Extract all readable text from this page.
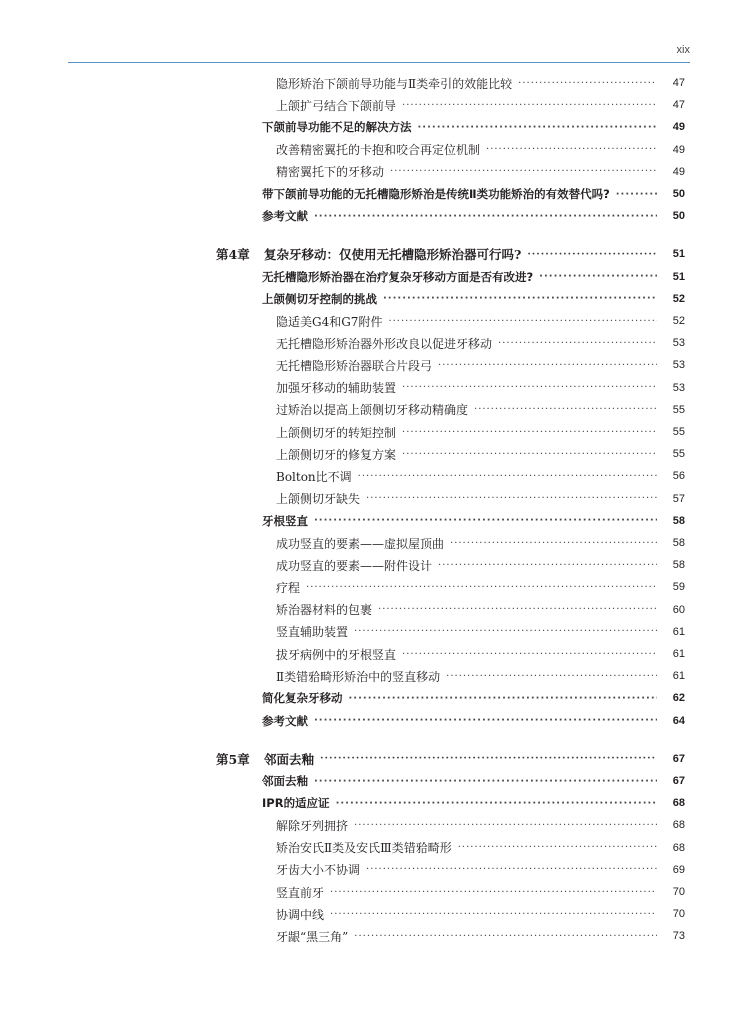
xix
隐形矫治下颌前导功能与Ⅱ类牵引的效能比较 ·····	47
上颌扩弓结合下颌前导 ·····	47
下颌前导功能不足的解决方法 ·····	49
改善精密翼托的卡抱和咬合再定位机制 ·····	49
精密翼托下的牙移动 ·····	49
带下颌前导功能的无托槽隐形矫治是传统Ⅱ类功能矫治的有效替代吗? ·····	50
参考文献 ·····	50
第4章 复杂牙移动：仅使用无托槽隐形矫治器可行吗? ·····	51
无托槽隐形矫治器在治疗复杂牙移动方面是否有改进? ·····	51
上颌侧切牙控制的挑战 ·····	52
隐适美G4和G7附件 ·····	52
无托槽隐形矫治器外形改良以促进牙移动 ·····	53
无托槽隐形矫治器联合片段弓 ·····	53
加强牙移动的辅助装置 ·····	53
过矫治以提高上颌侧切牙移动精确度 ·····	55
上颌侧切牙的转矩控制 ·····	55
上颌侧切牙的修复方案 ·····	55
Bolton比不调 ·····	56
上颌侧切牙缺失 ·····	57
牙根竖直 ·····	58
成功竖直的要素——虚拟屋顶曲 ·····	58
成功竖直的要素——附件设计 ·····	58
疗程 ·····	59
矫治器材料的包裹 ·····	60
竖直辅助装置 ·····	61
拔牙病例中的牙根竖直 ·····	61
Ⅱ类错𬌗畸形矫治中的竖直移动 ·····	61
简化复杂牙移动 ·····	62
参考文献 ·····	64
第5章 邻面去釉 ·····	67
邻面去釉 ·····	67
IPR的适应证 ·····	68
解除牙列拥挤 ·····	68
矫治安氏Ⅱ类及安氏Ⅲ类错𬌗畸形 ·····	68
牙齿大小不协调 ·····	69
竖直前牙 ·····	70
协调中线 ·····	70
牙龈“黑三角” ·····	73
